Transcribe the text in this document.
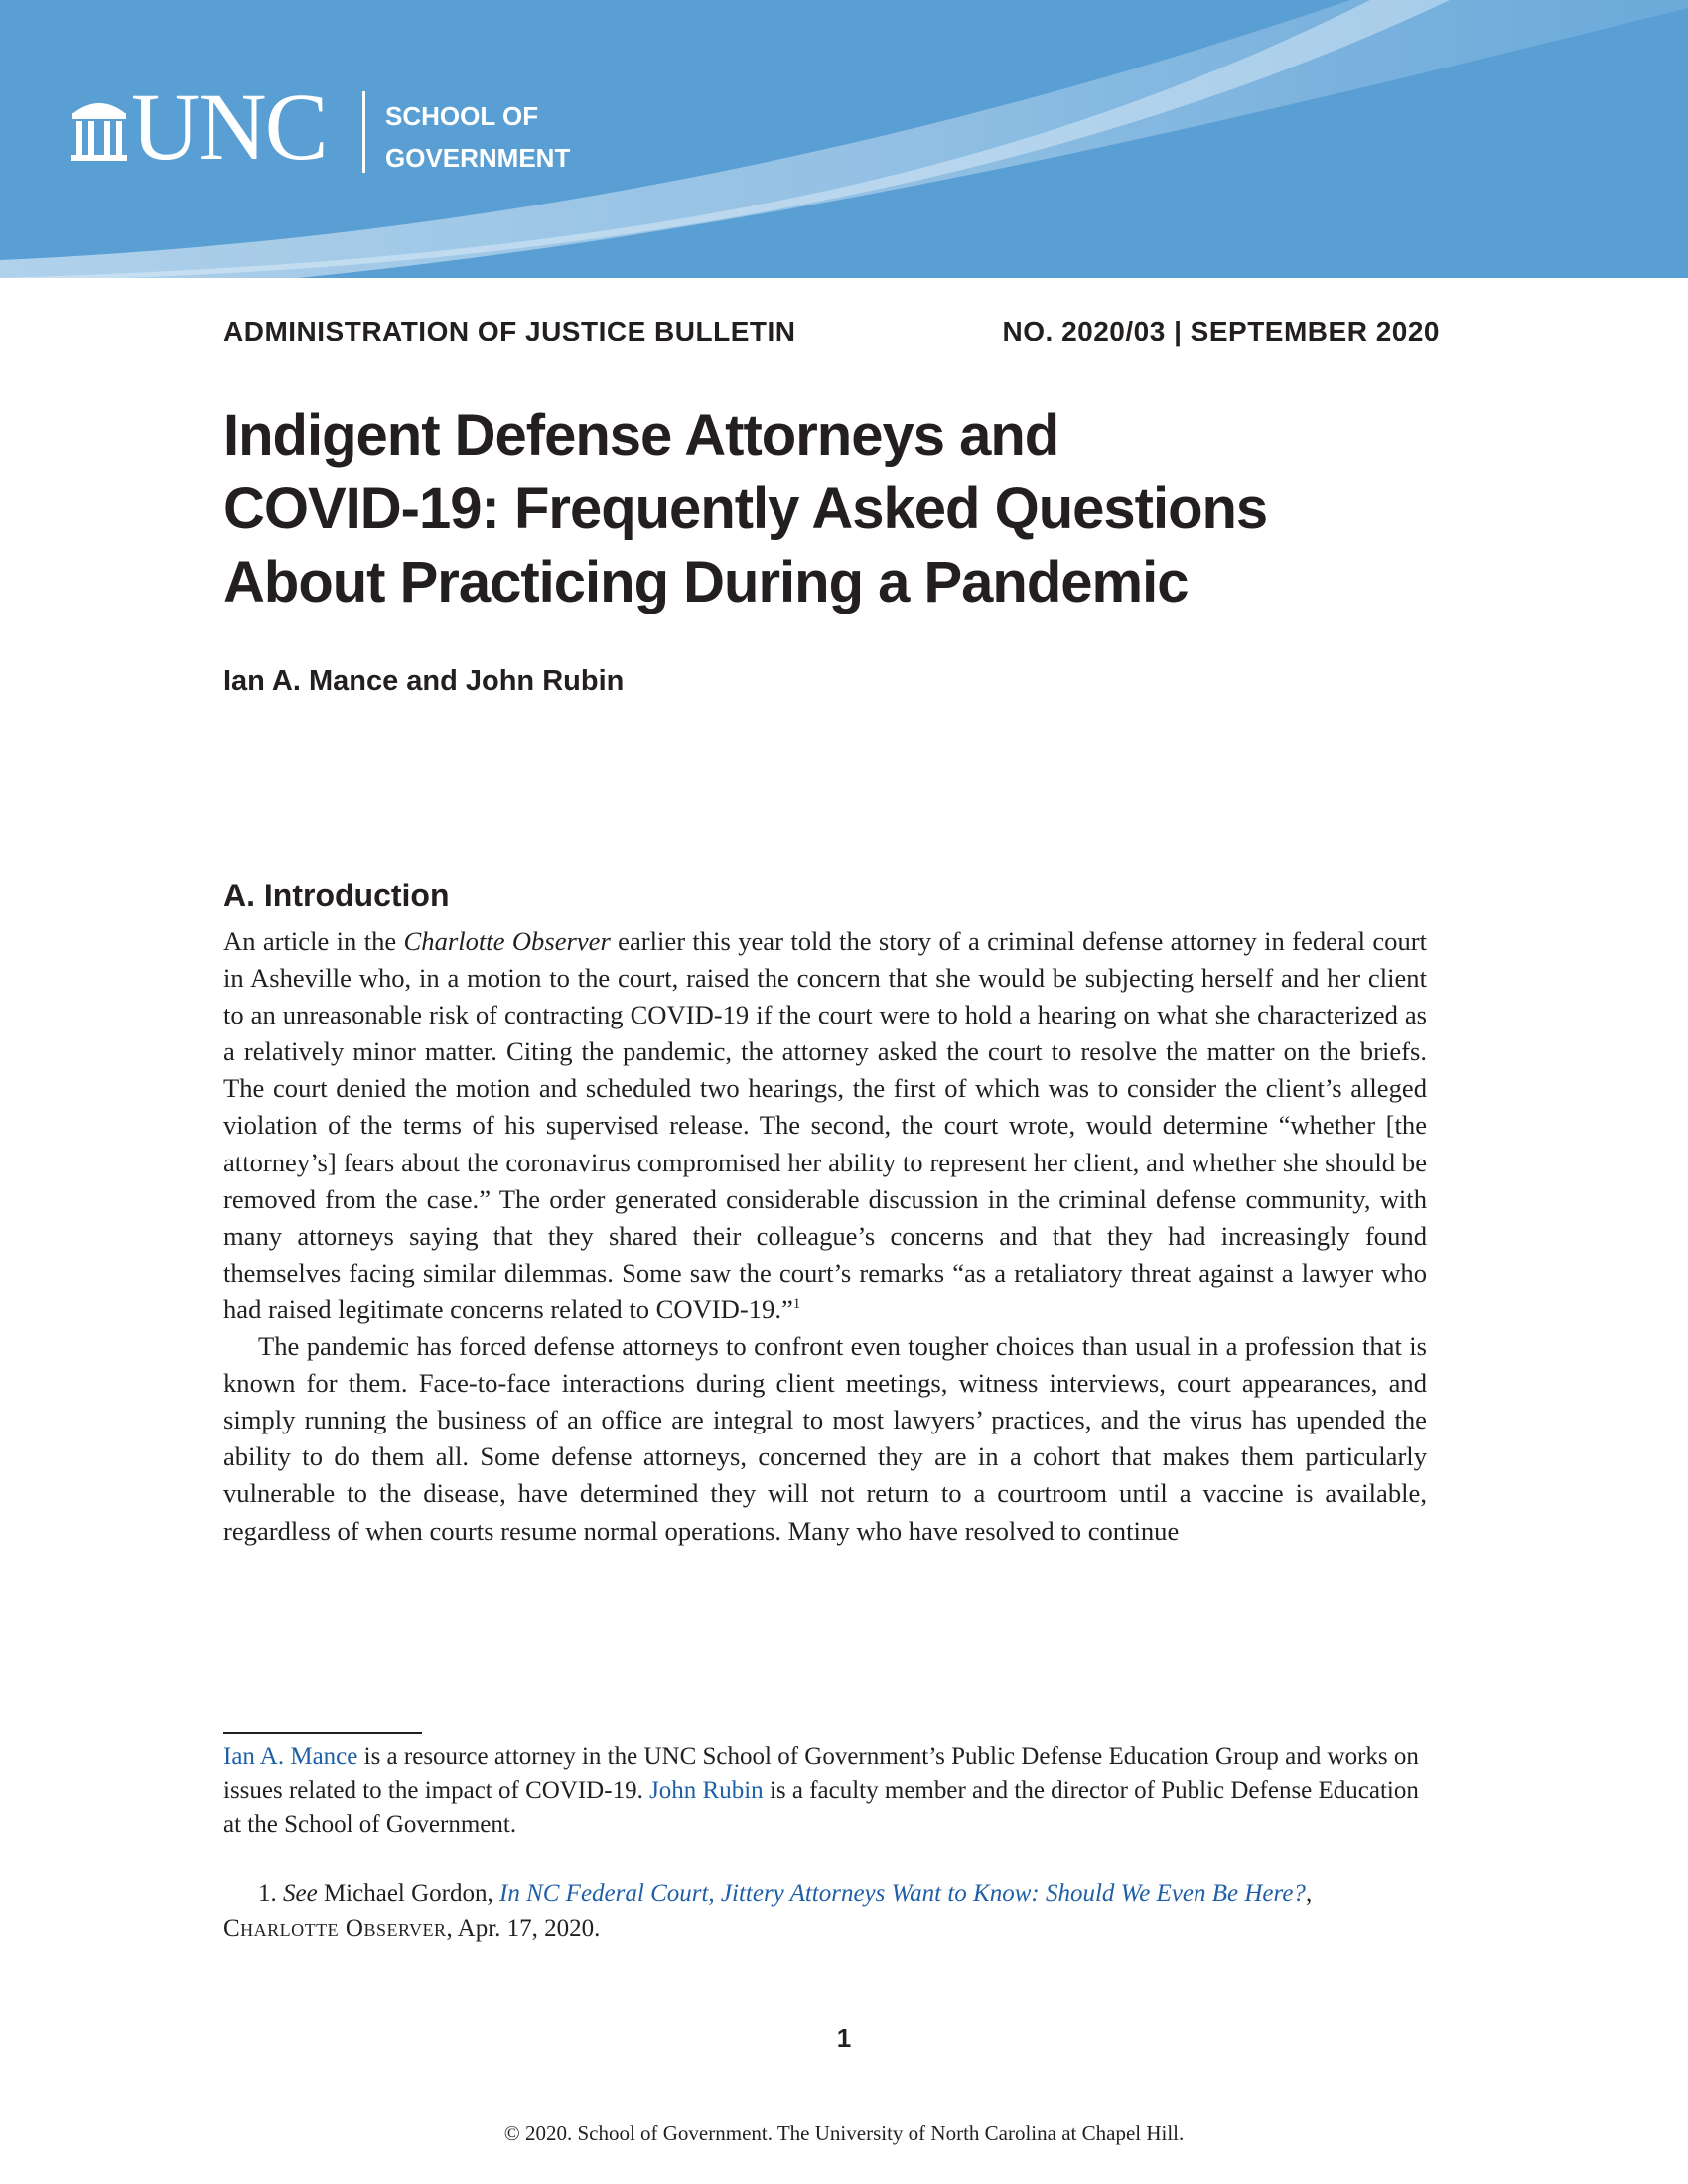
UNC SCHOOL OF
GOVERNMENT
ADMINISTRATION OF JUSTICE BULLETIN	NO. 2020/03 | SEPTEMBER 2020
Indigent Defense Attorneys and
COVID-19: Frequently Asked Questions
About Practicing During a Pandemic
Ian A. Mance and John Rubin
A. Introduction

An article in the Charlotte Observer earlier this year told the story of a criminal defense attorney in federal court in Asheville who, in a motion to the court, raised the concern that she would be subjecting herself and her client to an unreasonable risk of contracting COVID-19 if the court were to hold a hearing on what she characterized as a relatively minor matter. Citing the pandemic, the attorney asked the court to resolve the matter on the briefs. The court denied the motion and scheduled two hearings, the first of which was to consider the client’s alleged violation of the terms of his supervised release. The second, the court wrote, would determine “whether [the attorney’s] fears about the coronavirus compromised her ability to represent her client, and whether she should be removed from the case.” The order generated considerable discussion in the criminal defense community, with many attorneys saying that they shared their colleague’s concerns and that they had increasingly found themselves facing similar dilemmas. Some saw the court’s remarks “as a retaliatory threat against a lawyer who had raised legitimate concerns related to COVID-19.”$^1$

The pandemic has forced defense attorneys to confront even tougher choices than usual in a profession that is known for them. Face-to-face interactions during client meetings, witness interviews, court appearances, and simply running the business of an office are integral to most lawyers’ practices, and the virus has upended the ability to do them all. Some defense attorneys, concerned they are in a cohort that makes them particularly vulnerable to the disease, have determined they will not return to a courtroom until a vaccine is available, regardless of when courts resume normal operations. Many who have resolved to continue

Ian A. Mance is a resource attorney in the UNC School of Government’s Public Defense Education Group and works on issues related to the impact of COVID-19. John Rubin is a faculty member and the director of Public Defense Education at the School of Government.
1. See Michael Gordon, In NC Federal Court, Jittery Attorneys Want to Know: Should We Even Be Here?, Charlotte Observer, Apr. 17, 2020.
1
© 2020. School of Government. The University of North Carolina at Chapel Hill.
